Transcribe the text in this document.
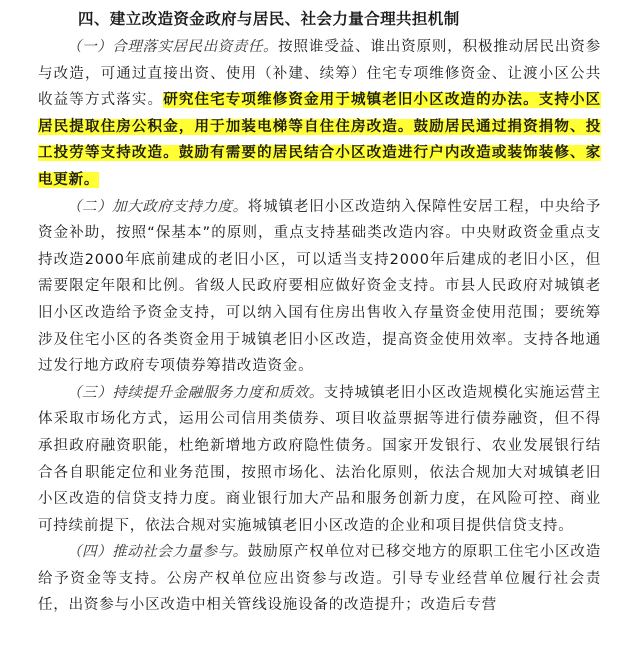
四、建立改造资金政府与居民、社会力量合理共担机制

（一）合理落实居民出资责任。按照谁受益、谁出资原则，积极推动居民出资参与改造，可通过直接出资、使用（补建、续筹）住宅专项维修资金、让渡小区公共收益等方式落实。研究住宅专项维修资金用于城镇老旧小区改造的办法。支持小区居民提取住房公积金，用于加装电梯等自住住房改造。鼓励居民通过捐资捐物、投工投劳等支持改造。鼓励有需要的居民结合小区改造进行户内改造或装饰装修、家电更新。

（二）加大政府支持力度。将城镇老旧小区改造纳入保障性安居工程，中央给予资金补助，按照“保基本”的原则，重点支持基础类改造内容。中央财政资金重点支持改造2000年底前建成的老旧小区，可以适当支持2000年后建成的老旧小区，但需要限定年限和比例。省级人民政府要相应做好资金支持。市县人民政府对城镇老旧小区改造给予资金支持，可以纳入国有住房出售收入存量资金使用范围；要统筹涉及住宅小区的各类资金用于城镇老旧小区改造，提高资金使用效率。支持各地通过发行地方政府专项债券筹措改造资金。

（三）持续提升金融服务力度和质效。支持城镇老旧小区改造规模化实施运营主体采取市场化方式，运用公司信用类债券、项目收益票据等进行债券融资，但不得承担政府融资职能，杜绝新增地方政府隐性债务。国家开发银行、农业发展银行结合各自职能定位和业务范围，按照市场化、法治化原则，依法合规加大对城镇老旧小区改造的信贷支持力度。商业银行加大产品和服务创新力度，在风险可控、商业可持续前提下，依法合规对实施城镇老旧小区改造的企业和项目提供信贷支持。

（四）推动社会力量参与。鼓励原产权单位对已移交地方的原职工住宅小区改造给予资金等支持。公房产权单位应出资参与改造。引导专业经营单位履行社会责任，出资参与小区改造中相关管线设施设备的改造提升；改造后专营
